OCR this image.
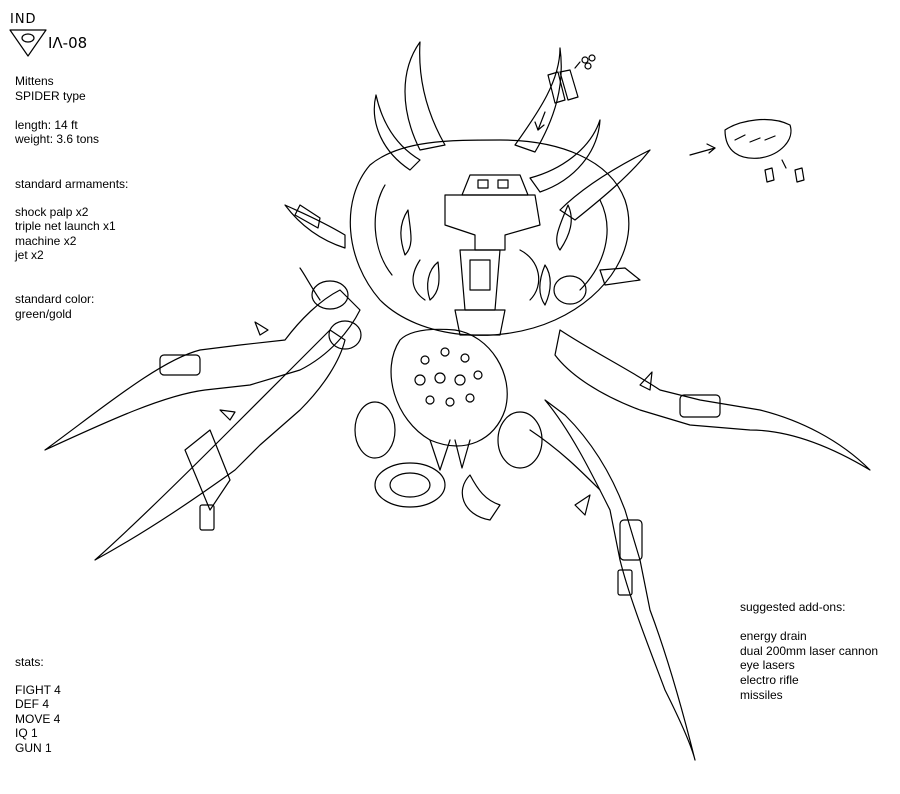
IND
IΛ-08
Mittens
SPIDER type
length: 14 ft
weight: 3.6 tons
standard armaments:
shock palp x2
triple net launch x1
machine x2
jet x2
standard color:
green/gold
stats:
FIGHT 4
DEF 4
MOVE 4
IQ 1
GUN 1
suggested add-ons:
energy drain
dual 200mm laser cannon
eye lasers
electro rifle
missiles
